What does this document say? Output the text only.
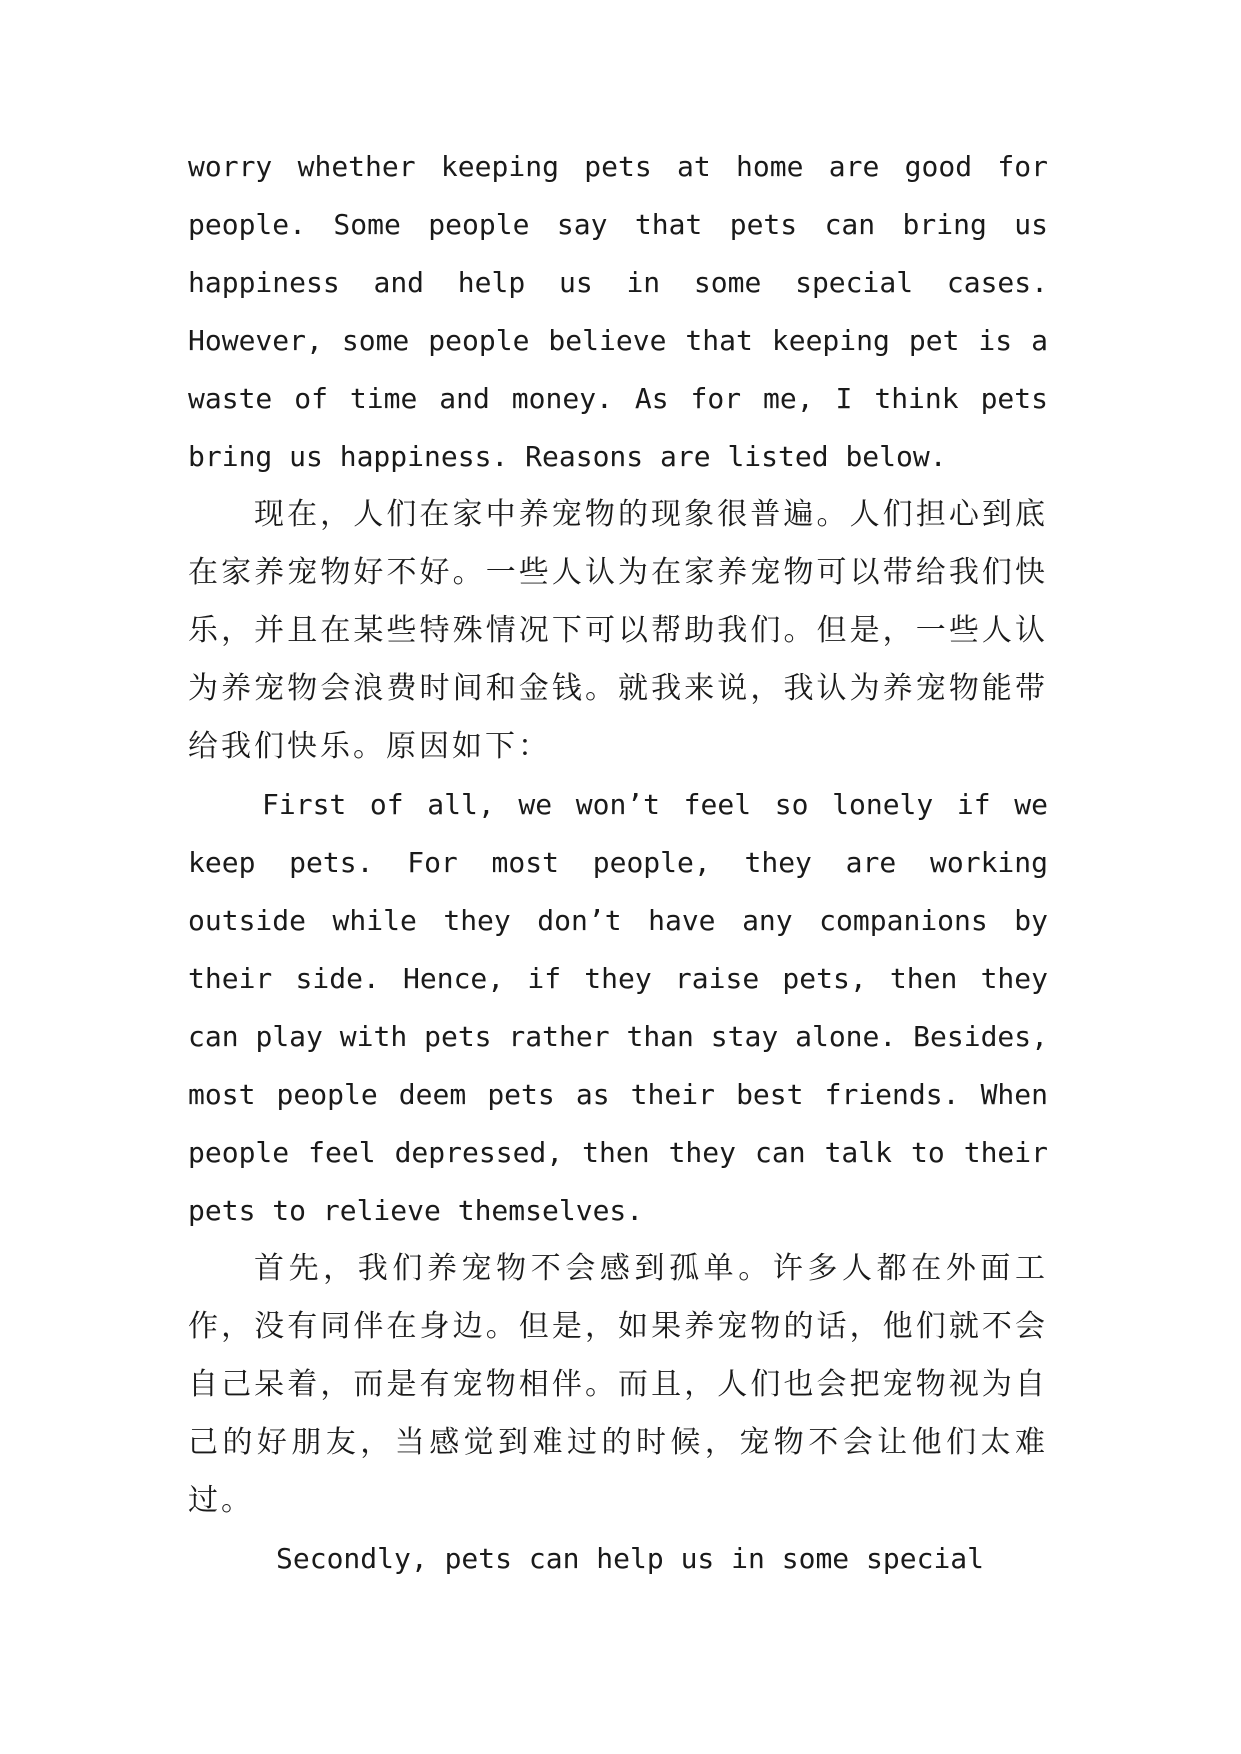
worry whether keeping pets at home are good for people. Some people say that pets can bring us happiness and help us in some special cases. However, some people believe that keeping pet is a waste of time and money. As for me, I think pets bring us happiness. Reasons are listed below.

现在，人们在家中养宠物的现象很普遍。人们担心到底在家养宠物好不好。一些人认为在家养宠物可以带给我们快乐，并且在某些特殊情况下可以帮助我们。但是，一些人认为养宠物会浪费时间和金钱。就我来说，我认为养宠物能带给我们快乐。原因如下：

First of all, we won’t feel so lonely if we keep pets. For most people, they are working outside while they don’t have any companions by their side. Hence, if they raise pets, then they can play with pets rather than stay alone. Besides, most people deem pets as their best friends. When people feel depressed, then they can talk to their pets to relieve themselves.

首先，我们养宠物不会感到孤单。许多人都在外面工作，没有同伴在身边。但是，如果养宠物的话，他们就不会自己呆着，而是有宠物相伴。而且，人们也会把宠物视为自己的好朋友，当感觉到难过的时候，宠物不会让他们太难过。

Secondly, pets can help us in some special
